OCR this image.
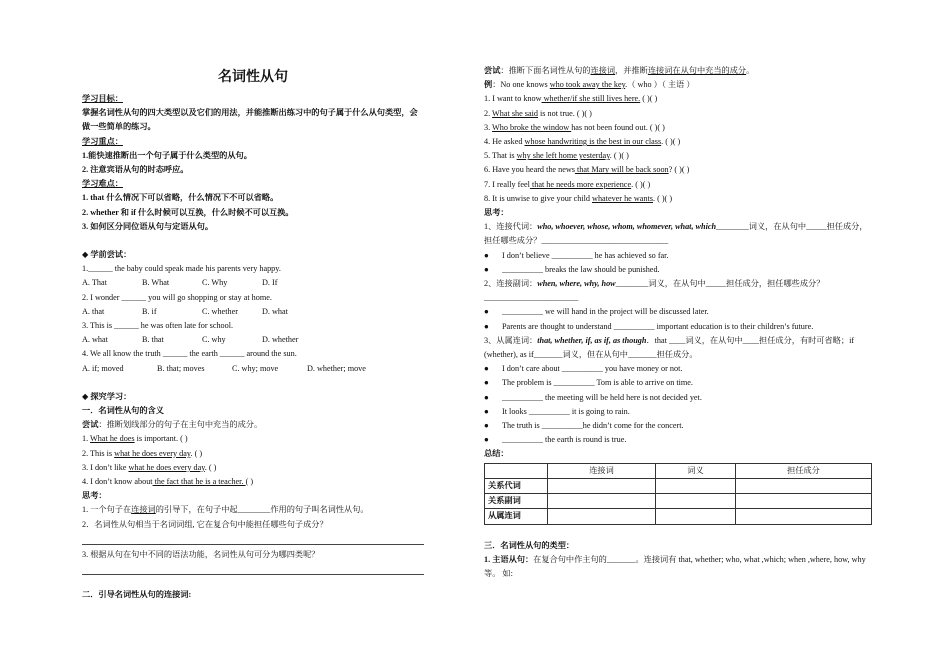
名词性从句
学习目标：
掌握名词性从句的四大类型以及它们的用法，并能推断出练习中的句子属于什么从句类型，会做一些简单的练习。
学习重点：
1.能快速推断出一个句子属于什么类型的从句。
2. 注意宾语从句的时态呼应。
学习难点：
1. that 什么情况下可以省略，什么情况下不可以省略。
2. whether 和 if 什么时候可以互换，什么时候不可以互换。
3. 如何区分同位语从句与定语从句。
◆ 学前尝试：
1.______ the baby could speak made his parents very happy.
A. That	B. What	C. Why	D. If
2. I wonder ______ you will go shopping or stay at home.
A. that	B. if	C. whether	D. what
3. This is ______ he was often late for school.
A. what	B. that	C. why	D. whether
4. We all know the truth ______ the earth ______ around the sun.
A. if; moved	B. that; moves	C. why; move	D. whether; move
◆ 探究学习：
一．名词性从句的含义
尝试：推断划线部分的句子在主句中充当的成分。
1. What he does is important. ( )
2. This is what he does every day. ( )
3. I don’t like what he does every day. ( )
4. I don’t know about the fact that he is a teacher. ( )
思考：
1. 一个句子在连接词的引导下，在句子中起________作用的句子叫名词性从句。
2．名词性从句相当于名词词组, 它在复合句中能担任哪些句子成分？
3. 根据从句在句中不同的语法功能，名词性从句可分为哪四类呢？
二．引导名词性从句的连接词:
尝试：推断下面名词性从句的连接词，并推断连接词在从句中充当的成分。
例：No one knows who took away the key.（ who ）（ 主语 ）
1. I want to know whether/if she still lives here. ( )( )
2. What she said is not true. ( )( )
3. Who broke the window has not been found out. ( )( )
4. He asked whose handwriting is the best in our class. ( )( )
5. That is why she left home yesterday. ( )( )
6. Have you heard the news that Mary will be back soon? ( )( )
7. I really feel that he needs more experience. ( )( )
8. It is unwise to give your child whatever he wants. ( )( )
思考：
1、连接代词：who, whoever, whose, whom, whomever, what, which________词义，在从句中_____担任成分，担任哪些成分？_______________________________
●	I don’t believe __________ he has achieved so far.
●	__________ breaks the law should be punished.
2、连接副词：when, where, why, how________词义，在从句中_____担任成分，担任哪些成分？_______________________
●	__________ we will hand in the project will be discussed later.
●	Parents are thought to understand __________ important education is to their children’s future.
3、从属连词：that, whether, if, as if, as though．that ____词义，在从句中____担任成分，有时可省略；if (whether), as if_______词义，但在从句中_______担任成分。
●	I don’t care about __________ you have money or not.
●	The problem is __________ Tom is able to arrive on time.
●	__________ the meeting will be held here is not decided yet.
●	It looks __________ it is going to rain.
●	The truth is __________he didn’t come for the concert.
●	__________ the earth is round is true.
总结：
	连接词	词义	担任成分
关系代词			
关系副词			
从属连词			
三．名词性从句的类型：
1. 主语从句：在复合句中作主句的_______。连接词有 that, whether; who, what ,which; when ,where, how, why 等。 如:
